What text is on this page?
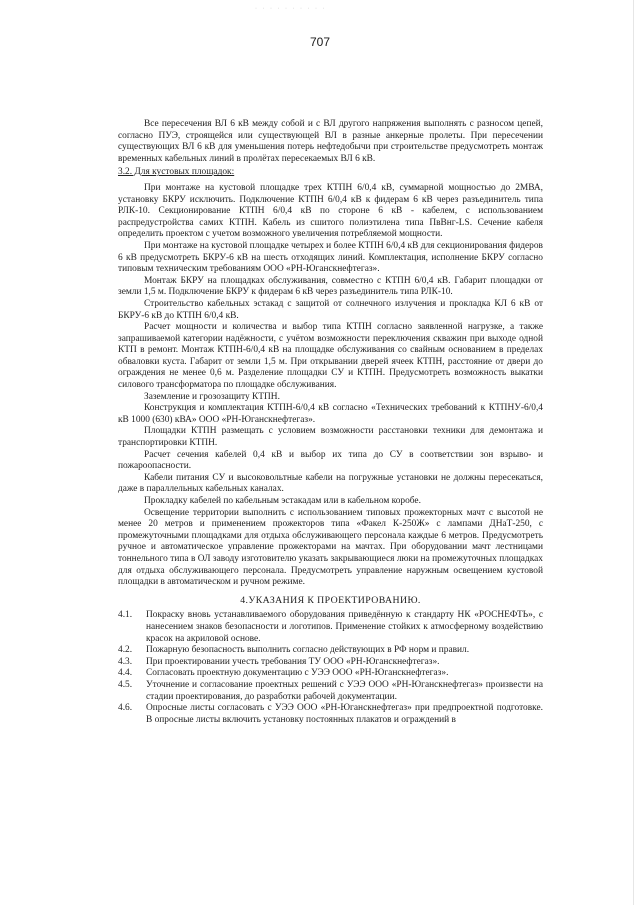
· · · · · · · · · ·
707

Все пересечения ВЛ 6 кВ между собой и с ВЛ другого напряжения выполнять с разносом цепей, согласно ПУЭ, строящейся или существующей ВЛ в разные анкерные пролеты. При пересечении существующих ВЛ 6 кВ для уменьшения потерь нефтедобычи при строительстве предусмотреть монтаж временных кабельных линий в пролётах пересекаемых ВЛ 6 кВ.

3.2. Для кустовых площадок:

При монтаже на кустовой площадке трех КТПН 6/0,4 кВ, суммарной мощностью до 2МВА, установку БКРУ исключить. Подключение КТПН 6/0,4 кВ к фидерам 6 кВ через разъединитель типа РЛК-10. Секционирование КТПН 6/0,4 кВ по стороне 6 кВ - кабелем, с использованием распредустройства самих КТПН. Кабель из сшитого полиэтилена типа ПвВнг-LS. Сечение кабеля определить проектом с учетом возможного увеличения потребляемой мощности.

При монтаже на кустовой площадке четырех и более КТПН 6/0,4 кВ для секционирования фидеров 6 кВ предусмотреть БКРУ-6 кВ на шесть отходящих линий. Комплектация, исполнение БКРУ согласно типовым техническим требованиям ООО «РН-Юганскнефтегаз».

Монтаж БКРУ на площадках обслуживания, совместно с КТПН 6/0,4 кВ. Габарит площадки от земли 1,5 м. Подключение БКРУ к фидерам 6 кВ через разъединитель типа РЛК-10.

Строительство кабельных эстакад с защитой от солнечного излучения и прокладка КЛ 6 кВ от БКРУ-6 кВ до КТПН 6/0,4 кВ.

Расчет мощности и количества и выбор типа КТПН согласно заявленной нагрузке, а также запрашиваемой категории надёжности, с учётом возможности переключения скважин при выходе одной КТП в ремонт. Монтаж КТПН-6/0,4 кВ на площадке обслуживания со свайным основанием в пределах обваловки куста. Габарит от земли 1,5 м. При открывании дверей ячеек КТПН, расстояние от двери до ограждения не менее 0,6 м. Разделение площадки СУ и КТПН. Предусмотреть возможность выкатки силового трансформатора по площадке обслуживания.

Заземление и грозозащиту КТПН.

Конструкция и комплектация КТПН-6/0,4 кВ согласно «Технических требований к КТПНУ-6/0,4 кВ 1000 (630) кВА» ООО «РН-Юганскнефтегаз».

Площадки КТПН размещать с условием возможности расстановки техники для демонтажа и транспортировки КТПН.

Расчет сечения кабелей 0,4 кВ и выбор их типа до СУ в соответствии зон взрыво- и пожароопасности.

Кабели питания СУ и высоковольтные кабели на погружные установки не должны пересекаться, даже в параллельных кабельных каналах.

Прокладку кабелей по кабельным эстакадам или в кабельном коробе.

Освещение территории выполнить с использованием типовых прожекторных мачт с высотой не менее 20 метров и применением прожекторов типа «Факел К-250Ж» с лампами ДНаТ-250, с промежуточными площадками для отдыха обслуживающего персонала каждые 6 метров. Предусмотреть ручное и автоматическое управление прожекторами на мачтах. При оборудовании мачт лестницами тоннельного типа в ОЛ заводу изготовителю указать закрывающиеся люки на промежуточных площадках для отдыха обслуживающего персонала. Предусмотреть управление наружным освещением кустовой площадки в автоматическом и ручном режиме.

4.УКАЗАНИЯ К ПРОЕКТИРОВАНИЮ.
4.1.	Покраску вновь устанавливаемого оборудования приведённую к стандарту НК «РОСНЕФТЬ», с нанесением знаков безопасности и логотипов. Применение стойких к атмосферному воздействию красок на акриловой основе.
4.2.	Пожарную безопасность выполнить согласно действующих в РФ норм и правил.
4.3.	При проектировании учесть требования ТУ ООО «РН-Юганскнефтегаз».
4.4.	Согласовать проектную документацию с УЭЭ ООО «РН-Юганскнефтегаз».
4.5.	Уточнение и согласование проектных решений с УЭЭ ООО «РН-Юганскнефтегаз» произвести на стадии проектирования, до разработки рабочей документации.
4.6.	Опросные листы согласовать с УЭЭ ООО «РН-Юганскнефтегаз» при предпроектной подготовке. В опросные листы включить установку постоянных плакатов и ограждений в
